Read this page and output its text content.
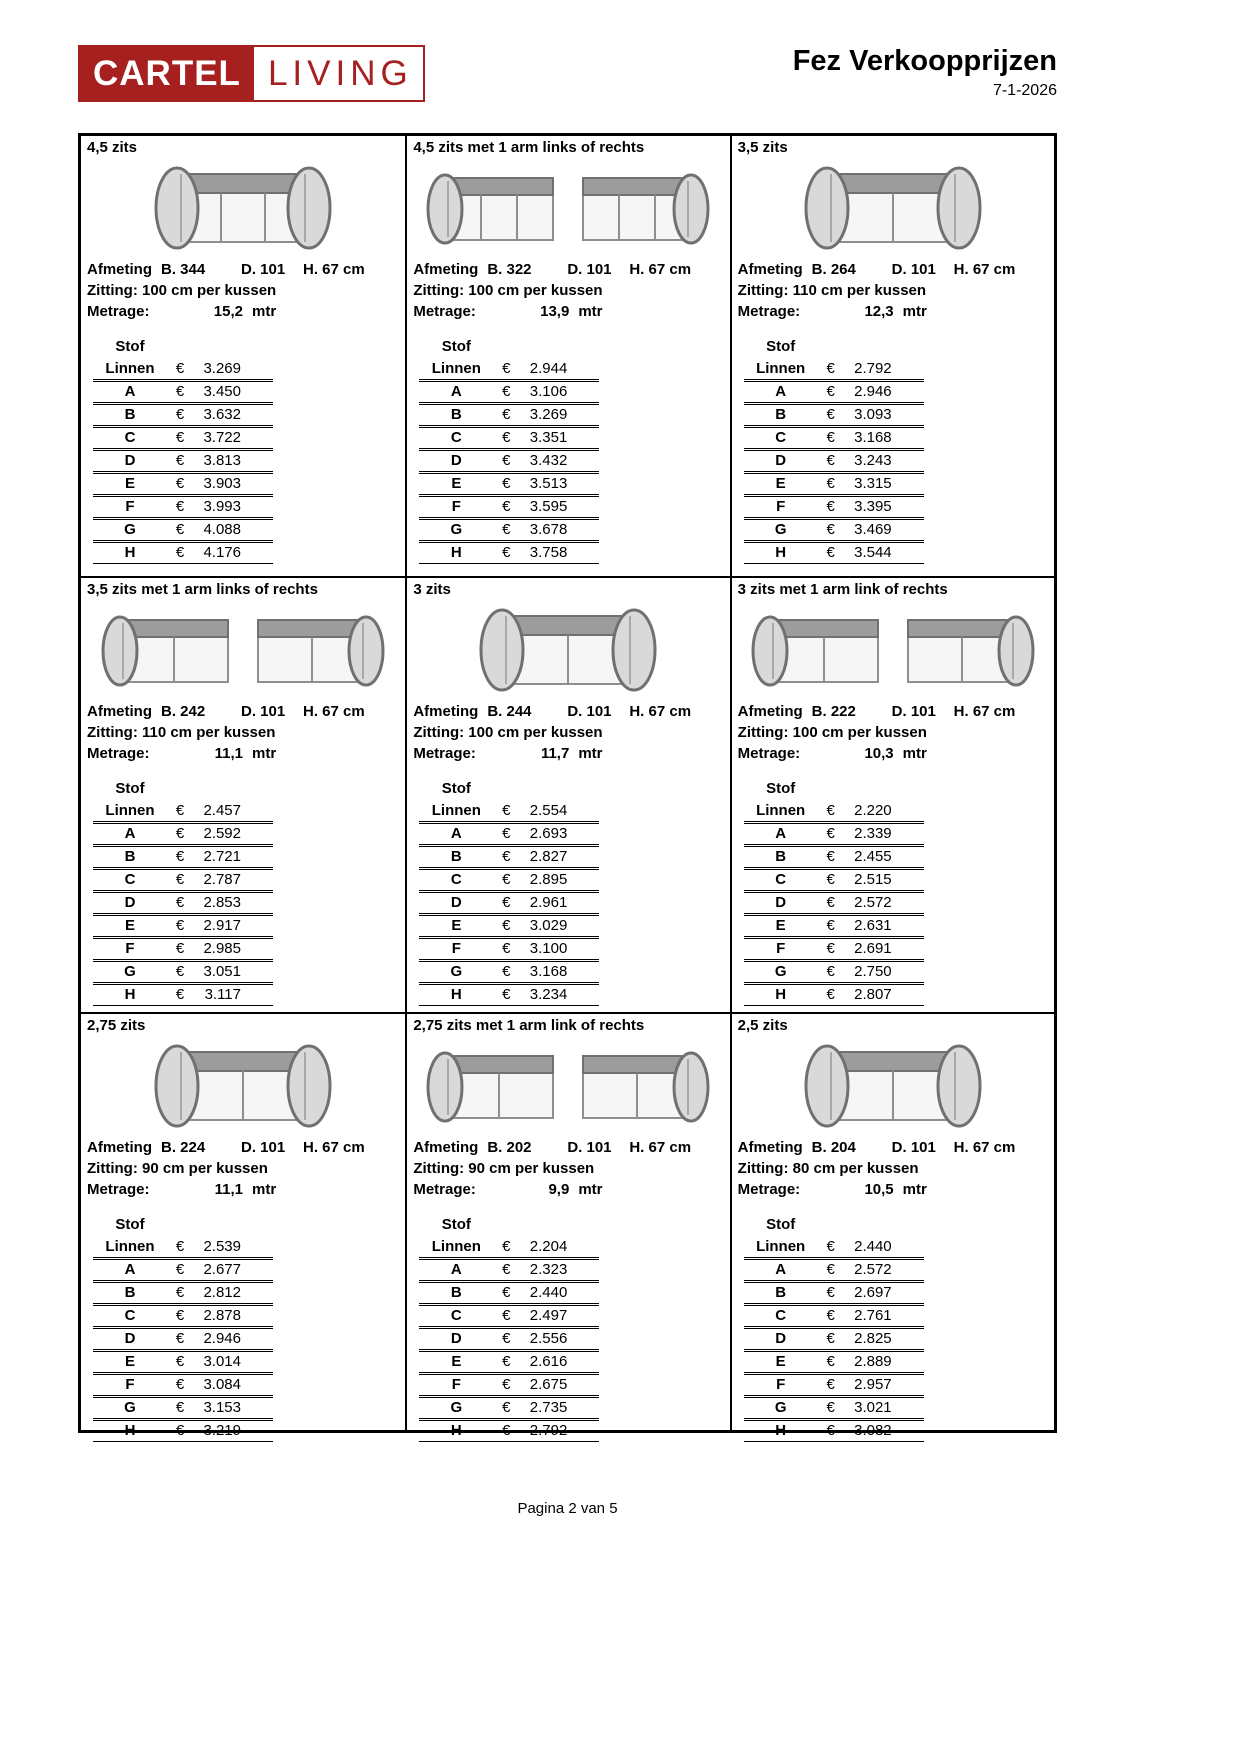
CARTEL LIVING	Fez Verkoopprijzen
7-1-2026
4,5 zits
Afmeting B. 344	D. 101	H. 67 cm
Zitting: 100 cm per kussen
Metrage:	15,2 mtr
Stof
Linnen	€	3.269
A	€	3.450
B	€	3.632
C	€	3.722
D	€	3.813
E	€	3.903
F	€	3.993
G	€	4.088
H	€	4.176
4,5 zits met 1 arm links of rechts
Afmeting B. 322	D. 101	H. 67 cm
Zitting: 100 cm per kussen
Metrage:	13,9 mtr
Stof
Linnen	€	2.944
A	€	3.106
B	€	3.269
C	€	3.351
D	€	3.432
E	€	3.513
F	€	3.595
G	€	3.678
H	€	3.758
3,5 zits
Afmeting B. 264	D. 101	H. 67 cm
Zitting: 110 cm per kussen
Metrage:	12,3 mtr
Stof
Linnen	€	2.792
A	€	2.946
B	€	3.093
C	€	3.168
D	€	3.243
E	€	3.315
F	€	3.395
G	€	3.469
H	€	3.544
3,5 zits met 1 arm links of rechts
Afmeting B. 242	D. 101	H. 67 cm
Zitting: 110 cm per kussen
Metrage:	11,1 mtr
Stof
Linnen	€	2.457
A	€	2.592
B	€	2.721
C	€	2.787
D	€	2.853
E	€	2.917
F	€	2.985
G	€	3.051
H	€	3.117
3 zits
Afmeting B. 244	D. 101	H. 67 cm
Zitting: 100 cm per kussen
Metrage:	11,7 mtr
Stof
Linnen	€	2.554
A	€	2.693
B	€	2.827
C	€	2.895
D	€	2.961
E	€	3.029
F	€	3.100
G	€	3.168
H	€	3.234
3 zits met 1 arm link of rechts
Afmeting B. 222	D. 101	H. 67 cm
Zitting: 100 cm per kussen
Metrage:	10,3 mtr
Stof
Linnen	€	2.220
A	€	2.339
B	€	2.455
C	€	2.515
D	€	2.572
E	€	2.631
F	€	2.691
G	€	2.750
H	€	2.807
2,75 zits
Afmeting B. 224	D. 101	H. 67 cm
Zitting: 90 cm per kussen
Metrage:	11,1 mtr
Stof
Linnen	€	2.539
A	€	2.677
B	€	2.812
C	€	2.878
D	€	2.946
E	€	3.014
F	€	3.084
G	€	3.153
H	€	3.219
2,75 zits met 1 arm link of rechts
Afmeting B. 202	D. 101	H. 67 cm
Zitting: 90 cm per kussen
Metrage:	9,9 mtr
Stof
Linnen	€	2.204
A	€	2.323
B	€	2.440
C	€	2.497
D	€	2.556
E	€	2.616
F	€	2.675
G	€	2.735
H	€	2.792
2,5 zits
Afmeting B. 204	D. 101	H. 67 cm
Zitting: 80 cm per kussen
Metrage:	10,5 mtr
Stof
Linnen	€	2.440
A	€	2.572
B	€	2.697
C	€	2.761
D	€	2.825
E	€	2.889
F	€	2.957
G	€	3.021
H	€	3.082
Pagina 2 van 5
